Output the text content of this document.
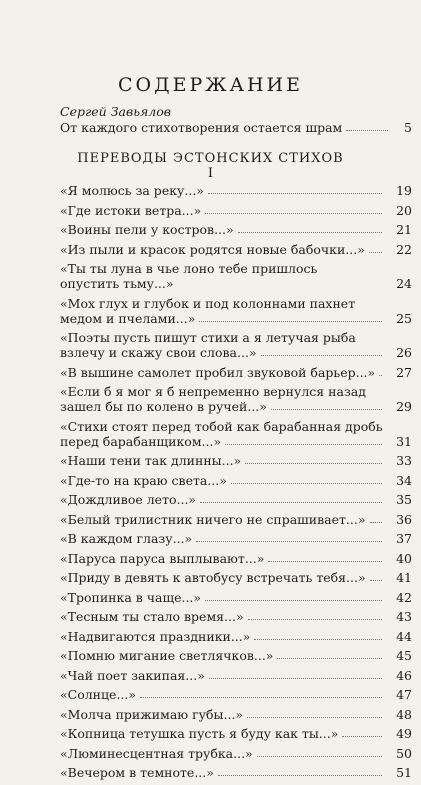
СОДЕРЖАНИЕ
Сергей Завьялов
От каждого стихотворения остается шрам	5
ПЕРЕВОДЫ ЭСТОНСКИХ СТИХОВ
I
«Я молюсь за реку...»	19
«Где истоки ветра...»	20
«Воины пели у костров...»	21
«Из пыли и красок родятся новые бабочки...»	22
«Ты ты луна в чье лоно тебе пришлось опустить тьму...»	24
«Мох глух и глубок и под колоннами пахнет
медом и пчелами...»	25
«Поэты пусть пишут стихи а я летучая рыба
взлечу и скажу свои слова...»	26
«В вышине самолет пробил звуковой барьер...»	27
«Если б я мог я б непременно вернулся назад
зашел бы по колено в ручей...»	29
«Стихи стоят перед тобой как барабанная дробь
перед барабанщиком...»	31
«Наши тени так длинны...»	33
«Где-то на краю света...»	34
«Дождливое лето...»	35
«Белый трилистник ничего не спрашивает...»	36
«В каждом глазу...»	37
«Паруса паруса выплывают...»	40
«Приду в девять к автобусу встречать тебя...»	41
«Тропинка в чаще...»	42
«Тесным ты стало время...»	43
«Надвигаются праздники...»	44
«Помню мигание светлячков...»	45
«Чай поет закипая...»	46
«Солнце...»	47
«Молча прижимаю губы...»	48
«Копница тетушка пусть я буду как ты...»	49
«Люминесцентная трубка...»	50
«Вечером в темноте...»	51
